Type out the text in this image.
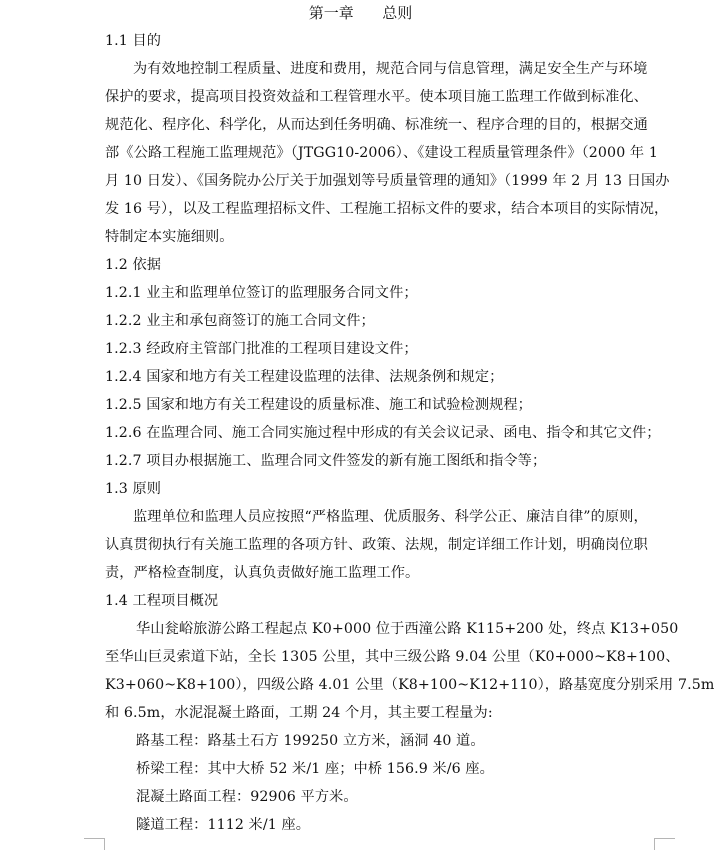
第一章      总则
1.1 目的
为有效地控制工程质量、进度和费用，规范合同与信息管理，满足安全生产与环境
保护的要求，提高项目投资效益和工程管理水平。使本项目施工监理工作做到标准化、
规范化、程序化、科学化，从而达到任务明确、标准统一、程序合理的目的，根据交通
部《公路工程施工监理规范》（JTGG10-2006）、《建设工程质量管理条件》（2000 年 1
月 10 日发）、《国务院办公厅关于加强划等号质量管理的通知》（1999 年 2 月 13 日国办
发 16 号），以及工程监理招标文件、工程施工招标文件的要求，结合本项目的实际情况，
特制定本实施细则。
1.2 依据
1.2.1 业主和监理单位签订的监理服务合同文件；
1.2.2 业主和承包商签订的施工合同文件；
1.2.3 经政府主管部门批准的工程项目建设文件；
1.2.4 国家和地方有关工程建设监理的法律、法规条例和规定；
1.2.5 国家和地方有关工程建设的质量标准、施工和试验检测规程；
1.2.6 在监理合同、施工合同实施过程中形成的有关会议记录、函电、指令和其它文件；
1.2.7 项目办根据施工、监理合同文件签发的新有施工图纸和指令等；
1.3 原则
监理单位和监理人员应按照“严格监理、优质服务、科学公正、廉洁自律”的原则，
认真贯彻执行有关施工监理的各项方针、政策、法规，制定详细工作计划，明确岗位职
责，严格检查制度，认真负责做好施工监理工作。
1.4 工程项目概况
华山瓮峪旅游公路工程起点 K0+000 位于西潼公路 K115+200 处，终点 K13+050
至华山巨灵索道下站，全长 1305 公里，其中三级公路 9.04 公里（K0+000~K8+100、
K3+060~K8+100），四级公路 4.01 公里（K8+100~K12+110），路基宽度分别采用 7.5m
和 6.5m，水泥混凝土路面，工期 24 个月，其主要工程量为:
路基工程：路基土石方 199250 立方米，涵洞 40 道。
桥梁工程：其中大桥 52 米/1 座；中桥 156.9 米/6 座。
混凝土路面工程：92906 平方米。
隧道工程：1112 米/1 座。
